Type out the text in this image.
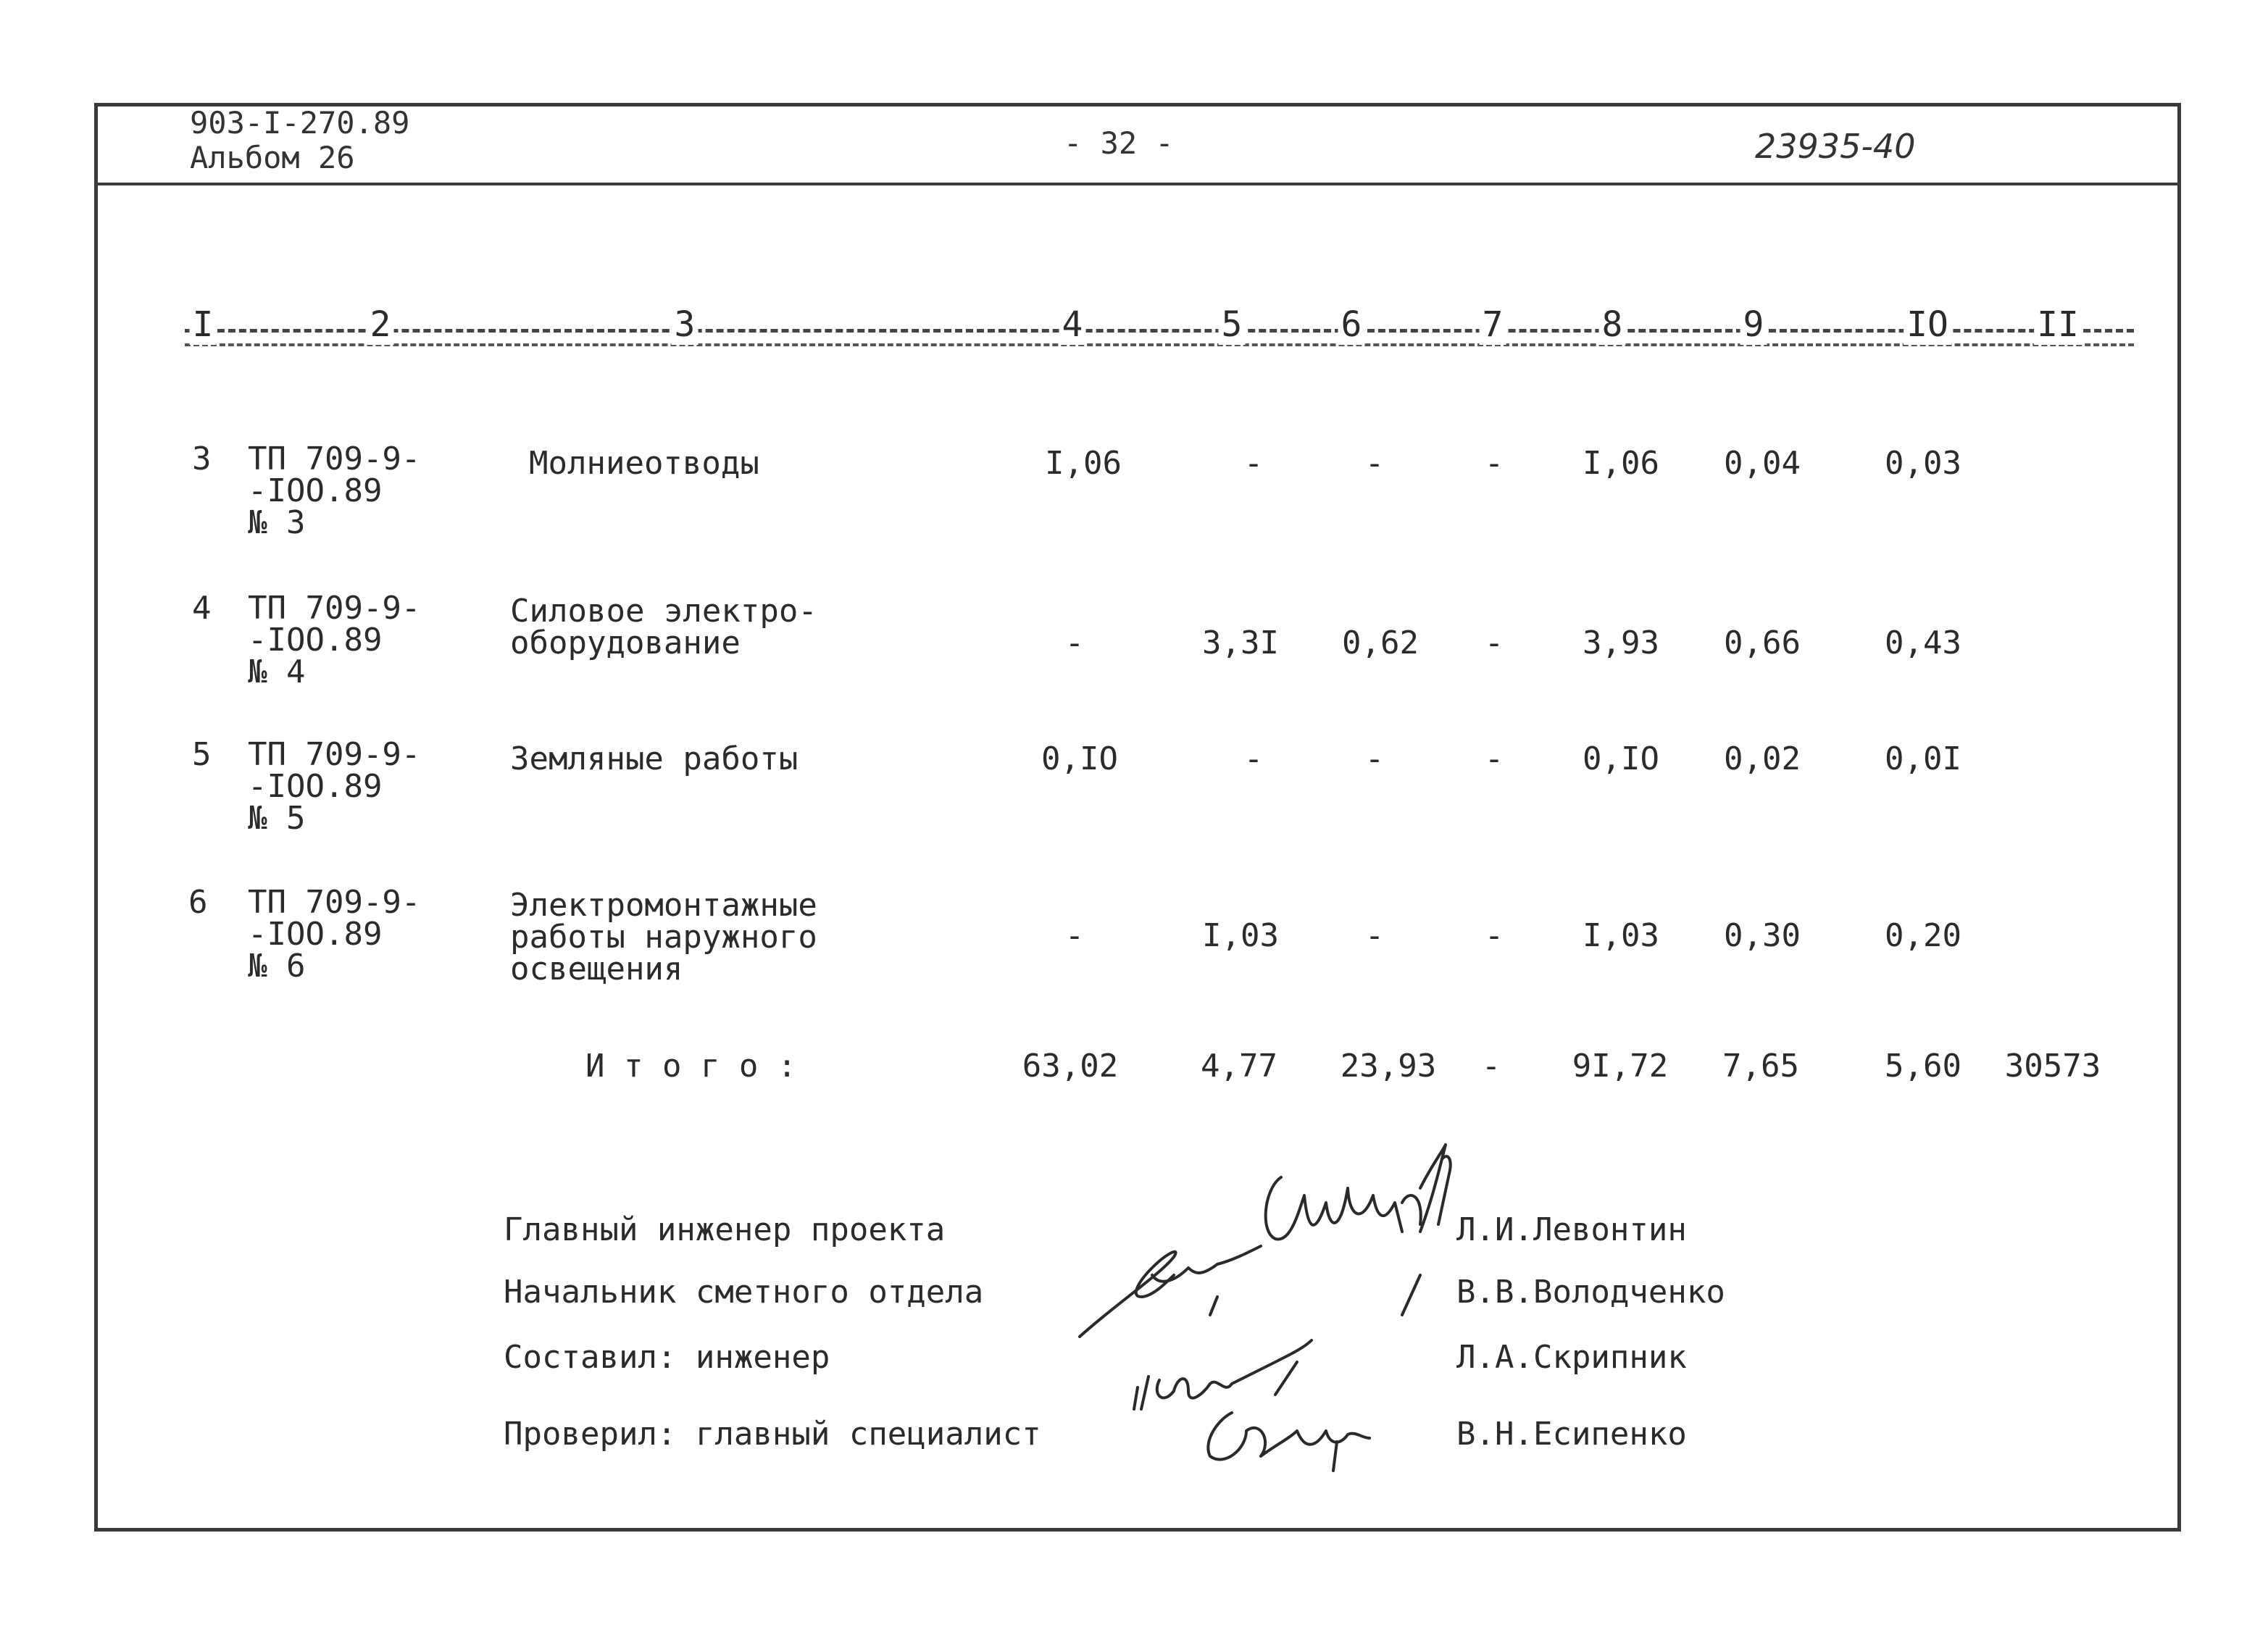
903-I-270.89
Альбом 26	- 32 -	23935-40
I	2	3	4	5	6	7	8	9	IO	II
3 ТП 709-9-
-IOO.89
№ 3
Молниеотводы	I,06	-	-	- I,06 0,04	0,03
4 ТП 709-9-
-IOO.89
№ 4
Силовое электро-
оборудование	-	3,3I 0,62 - 3,93 0,66	0,43
5 ТП 709-9-
-IOO.89
№ 5
Земляные работы	0,IO	-	-	- 0,IO 0,02	0,0I
6 ТП 709-9-
-IOO.89
№ 6
Электромонтажные
работы наружного
освещения
-	I,03	-	- I,03 0,30	0,20
И т о г о :	63,02	4,77 23,93 - 9I,72 7,65	5,60 30573
Главный инженер проекта	Л.И.Левонтин
Начальник сметного отдела	В.В.Володченко
Составил: инженер	Л.А.Скрипник
Проверил: главный специалист	В.Н.Есипенко
